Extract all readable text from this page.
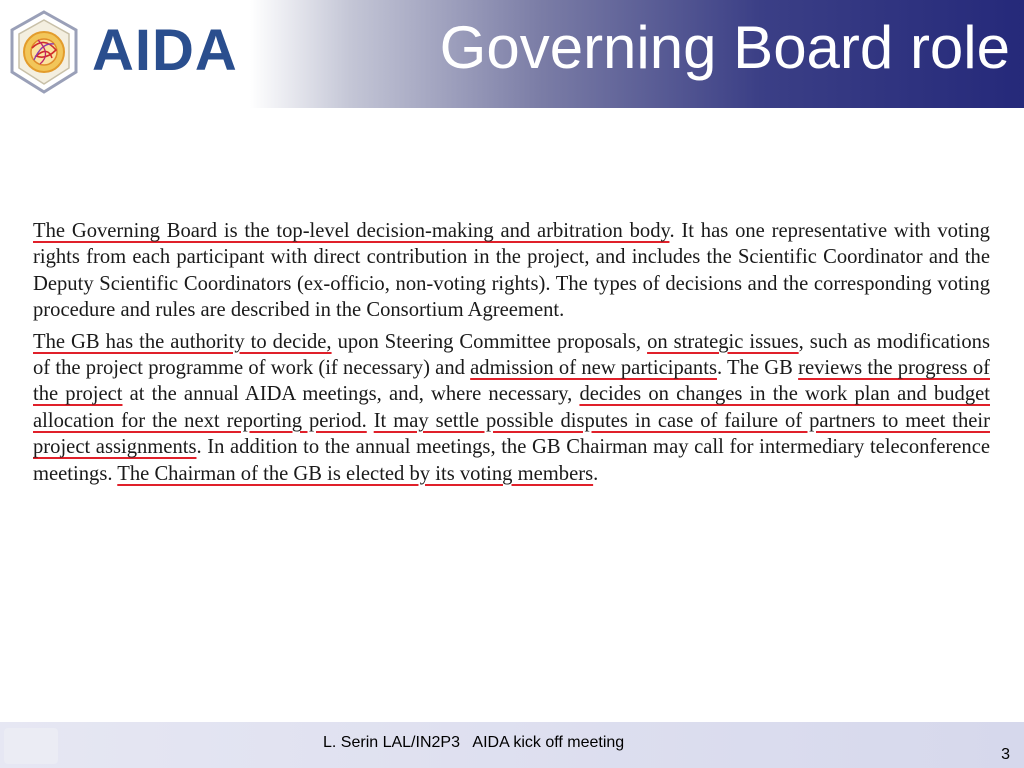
AIDA	Governing Board role

The Governing Board is the top-level decision-making and arbitration body. It has one representative with voting rights from each participant with direct contribution in the project, and includes the Scientific Coordinator and the Deputy Scientific Coordinators (ex-officio, non-voting rights). The types of decisions and the corresponding voting procedure and rules are described in the Consortium Agreement.

The GB has the authority to decide, upon Steering Committee proposals, on strategic issues, such as modifications of the project programme of work (if necessary) and admission of new participants. The GB reviews the progress of the project at the annual AIDA meetings, and, where necessary, decides on changes in the work plan and budget allocation for the next reporting period. It may settle possible disputes in case of failure of partners to meet their project assignments. In addition to the annual meetings, the GB Chairman may call for intermediary teleconference meetings. The Chairman of the GB is elected by its voting members.

L. Serin LAL/IN2P3   AIDA kick off meeting
3
